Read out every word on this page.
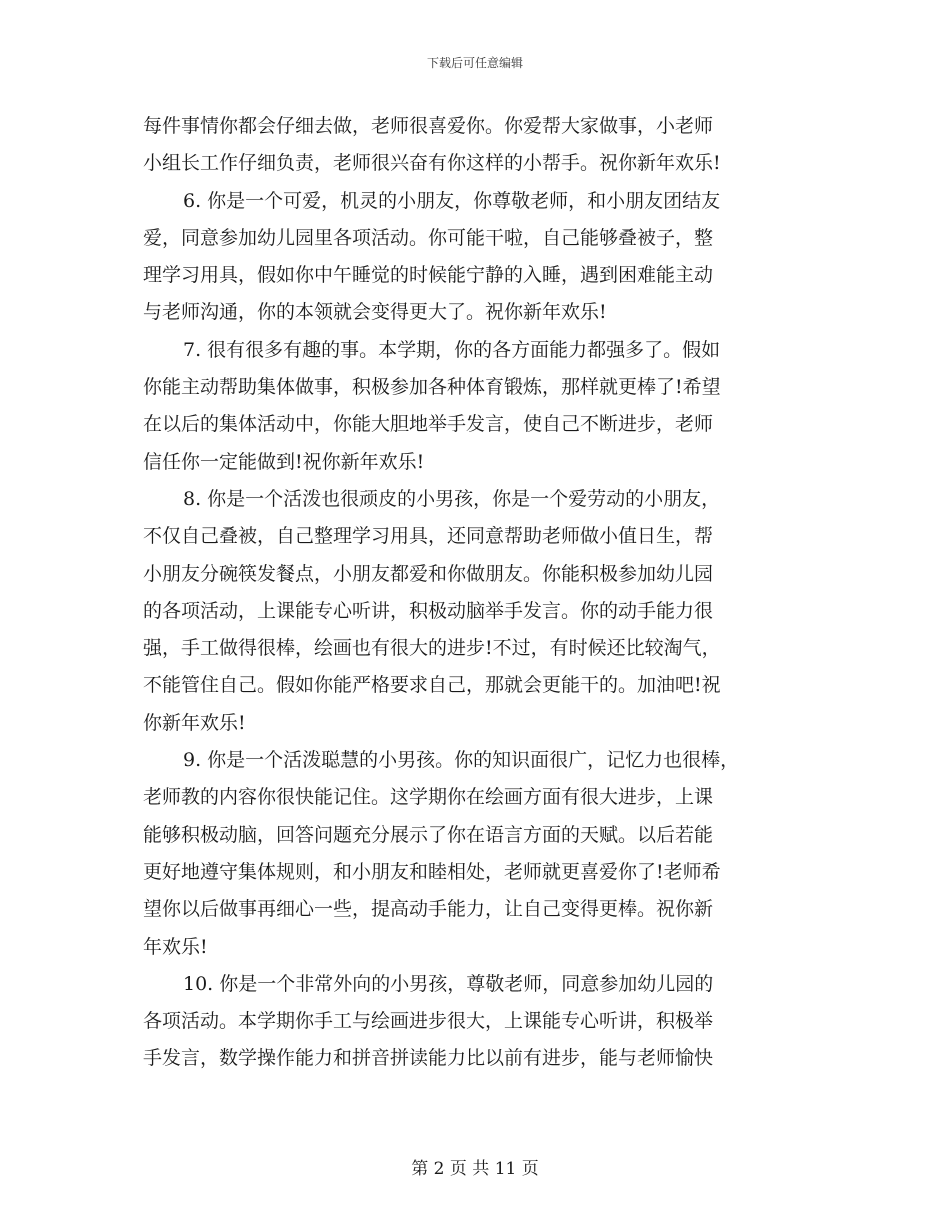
下载后可任意编辑
每件事情你都会仔细去做，老师很喜爱你。你爱帮大家做事，小老师
小组长工作仔细负责，老师很兴奋有你这样的小帮手。祝你新年欢乐!
6. 你是一个可爱，机灵的小朋友，你尊敬老师，和小朋友团结友
爱，同意参加幼儿园里各项活动。你可能干啦，自己能够叠被子，整
理学习用具，假如你中午睡觉的时候能宁静的入睡，遇到困难能主动
与老师沟通，你的本领就会变得更大了。祝你新年欢乐!
7. 很有很多有趣的事。本学期，你的各方面能力都强多了。假如
你能主动帮助集体做事，积极参加各种体育锻炼，那样就更棒了!希望
在以后的集体活动中，你能大胆地举手发言，使自己不断进步，老师
信任你一定能做到!祝你新年欢乐!
8. 你是一个活泼也很顽皮的小男孩，你是一个爱劳动的小朋友，
不仅自己叠被，自己整理学习用具，还同意帮助老师做小值日生，帮
小朋友分碗筷发餐点，小朋友都爱和你做朋友。你能积极参加幼儿园
的各项活动，上课能专心听讲，积极动脑举手发言。你的动手能力很
强，手工做得很棒，绘画也有很大的进步!不过，有时候还比较淘气，
不能管住自己。假如你能严格要求自己，那就会更能干的。加油吧!祝
你新年欢乐!
9. 你是一个活泼聪慧的小男孩。你的知识面很广，记忆力也很棒，
老师教的内容你很快能记住。这学期你在绘画方面有很大进步，上课
能够积极动脑，回答问题充分展示了你在语言方面的天赋。以后若能
更好地遵守集体规则，和小朋友和睦相处，老师就更喜爱你了!老师希
望你以后做事再细心一些，提高动手能力，让自己变得更棒。祝你新
年欢乐!
10. 你是一个非常外向的小男孩，尊敬老师，同意参加幼儿园的
各项活动。本学期你手工与绘画进步很大，上课能专心听讲，积极举
手发言，数学操作能力和拼音拼读能力比以前有进步，能与老师愉快
第 2 页 共 11 页
